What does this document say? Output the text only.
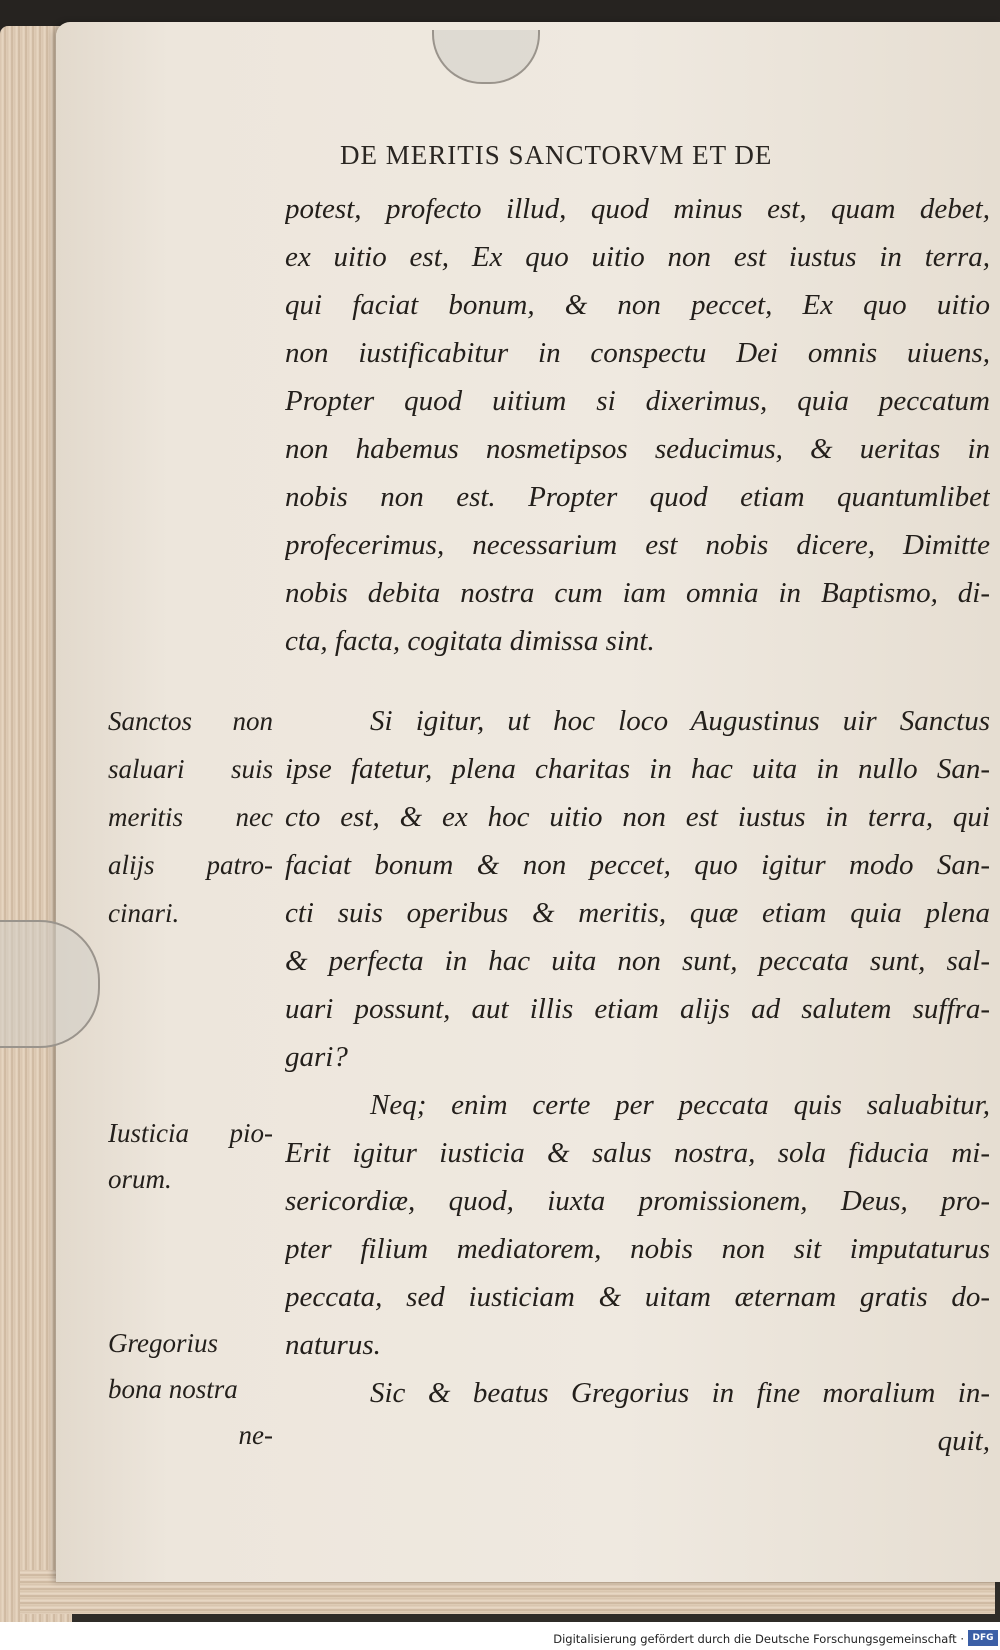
DE MERITIS SANCTORVM ET DE
potest, profecto illud, quod minus est, quam debet,
ex uitio est, Ex quo uitio non est iustus in terra,
qui faciat bonum, & non peccet, Ex quo uitio
non iustificabitur in conspectu Dei omnis uiuens,
Propter quod uitium si dixerimus, quia peccatum
non habemus nosmetipsos seducimus, & ueritas in
nobis non est. Propter quod etiam quantumlibet
profecerimus, necessarium est nobis dicere, Dimitte
nobis debita nostra cum iam omnia in Baptismo, di-
cta, facta, cogitata dimissa sint.
Si igitur, ut hoc loco Augustinus uir Sanctus
ipse fatetur, plena charitas in hac uita in nullo San-
cto est, & ex hoc uitio non est iustus in terra, qui
faciat bonum & non peccet, quo igitur modo San-
cti suis operibus & meritis, quæ etiam quia plena
& perfecta in hac uita non sunt, peccata sunt, sal-
uari possunt, aut illis etiam alijs ad salutem suffra-
gari?
Neq; enim certe per peccata quis saluabitur,
Erit igitur iusticia & salus nostra, sola fiducia mi-
sericordiæ, quod, iuxta promissionem, Deus, pro-
pter filium mediatorem, nobis non sit imputaturus
peccata, sed iusticiam & uitam æternam gratis do-
naturus.
Sic & beatus Gregorius in fine moralium in-
quit,
Sanctos non
saluari suis
meritis nec
alijs patro-
cinari.
Iusticia pio-
orum.
Gregorius
bona nostra
ne-
Digitalisierung gefördert durch die Deutsche Forschungsgemeinschaft · DFG
